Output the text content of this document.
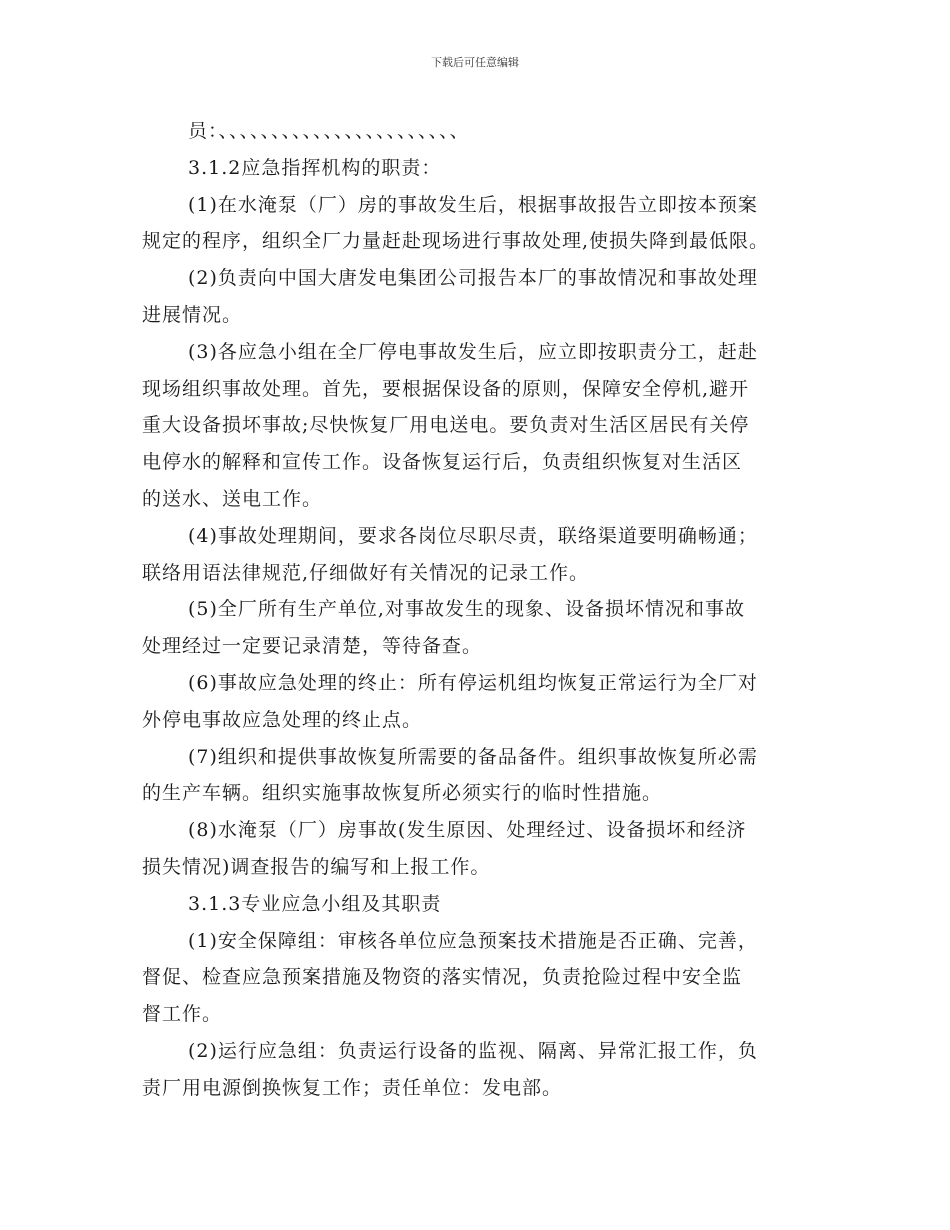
下载后可任意编辑
员：、、、、、、、、、、、、、、、、、、、、、、、
3.1.2应急指挥机构的职责：
(1)在水淹泵（厂）房的事故发生后，根据事故报告立即按本预案
规定的程序，组织全厂力量赶赴现场进行事故处理,使损失降到最低限。
(2)负责向中国大唐发电集团公司报告本厂的事故情况和事故处理
进展情况。
(3)各应急小组在全厂停电事故发生后，应立即按职责分工，赶赴
现场组织事故处理。首先，要根据保设备的原则，保障安全停机,避开
重大设备损坏事故;尽快恢复厂用电送电。要负责对生活区居民有关停
电停水的解释和宣传工作。设备恢复运行后，负责组织恢复对生活区
的送水、送电工作。
(4)事故处理期间，要求各岗位尽职尽责，联络渠道要明确畅通；
联络用语法律规范,仔细做好有关情况的记录工作。
(5)全厂所有生产单位,对事故发生的现象、设备损坏情况和事故
处理经过一定要记录清楚，等待备查。
(6)事故应急处理的终止：所有停运机组均恢复正常运行为全厂对
外停电事故应急处理的终止点。
(7)组织和提供事故恢复所需要的备品备件。组织事故恢复所必需
的生产车辆。组织实施事故恢复所必须实行的临时性措施。
(8)水淹泵（厂）房事故(发生原因、处理经过、设备损坏和经济
损失情况)调查报告的编写和上报工作。
3.1.3专业应急小组及其职责
(1)安全保障组：审核各单位应急预案技术措施是否正确、完善，
督促、检查应急预案措施及物资的落实情况，负责抢险过程中安全监
督工作。
(2)运行应急组：负责运行设备的监视、隔离、异常汇报工作，负
责厂用电源倒换恢复工作；责任单位：发电部。
